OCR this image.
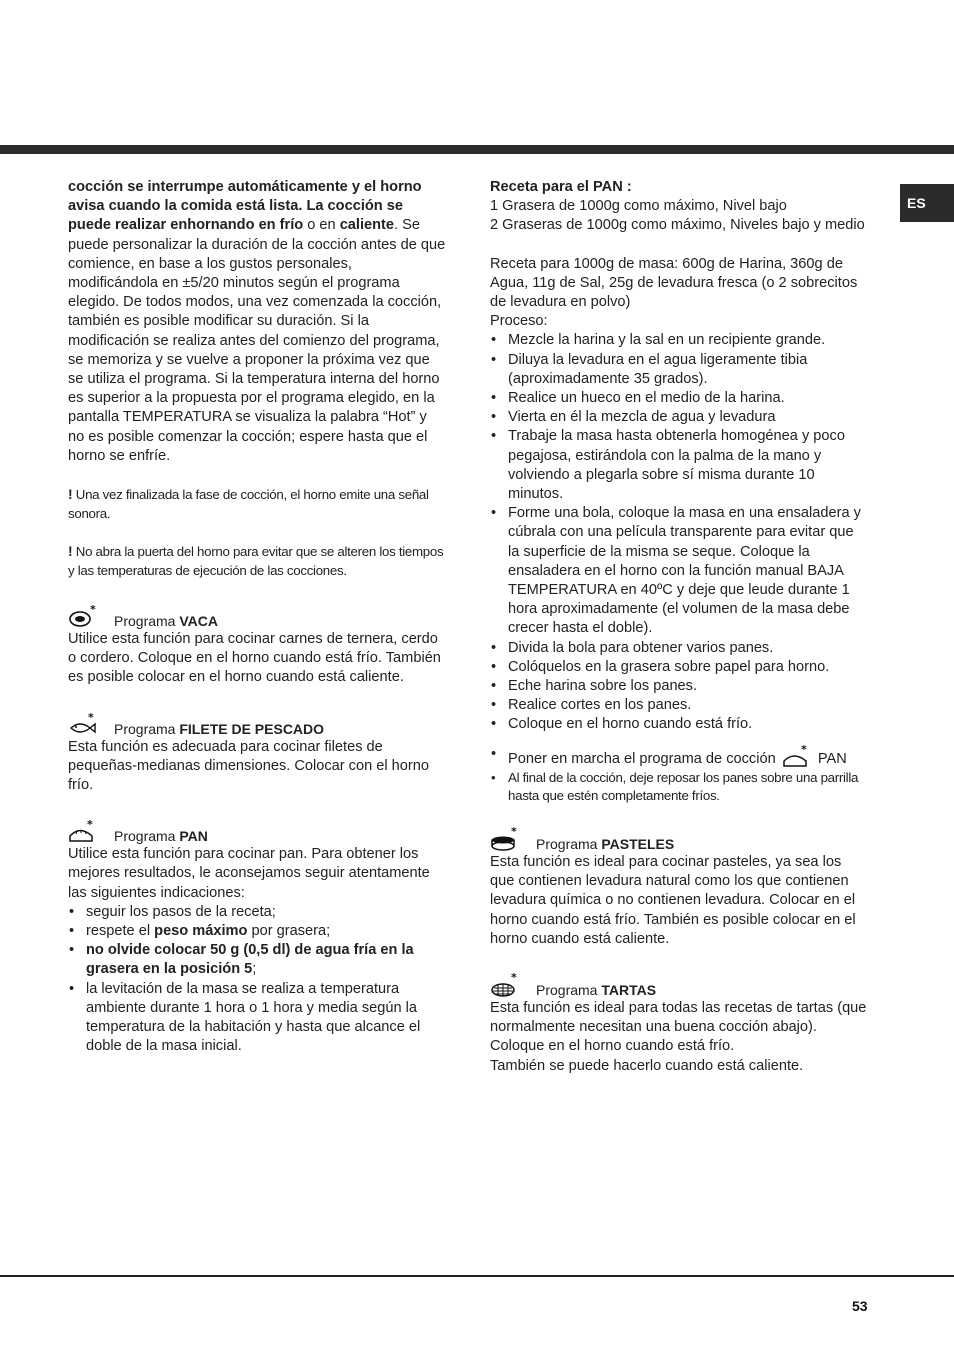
ES

cocción se interrumpe automáticamente y el horno avisa cuando la comida está lista. La cocción se puede realizar enhornando en frío o en caliente. Se puede personalizar la duración de la cocción antes de que comience, en base a los gustos personales, modificándola en ±5/20 minutos según el programa elegido. De todos modos, una vez comenzada la cocción, también es posible modificar su duración. Si la modificación se realiza antes del comienzo del programa, se memoriza y se vuelve a proponer la próxima vez que se utiliza el programa. Si la temperatura interna del horno es superior a la propuesta por el programa elegido, en la pantalla TEMPERATURA se visualiza la palabra “Hot” y no es posible comenzar la cocción; espere hasta que el horno se enfríe.

! Una vez finalizada la fase de cocción, el horno emite una señal sonora.

! No abra la puerta del horno para evitar que se alteren los tiempos y las temperaturas de ejecución de las cocciones.

*
Programa VACA

Utilice esta función para cocinar carnes de ternera, cerdo o cordero. Coloque en el horno cuando está frío. También es posible colocar en el horno cuando está caliente.

*
Programa FILETE DE PESCADO

Esta función es adecuada para cocinar filetes de pequeñas-medianas dimensiones. Colocar con el horno frío.

*
Programa PAN

Utilice esta función para cocinar pan. Para obtener los mejores resultados, le aconsejamos seguir atentamente las siguientes indicaciones:

• seguir los pasos de la receta;
• respete el peso máximo por grasera;
• no olvide colocar 50 g (0,5 dl) de agua fría en la grasera en la posición 5;
• la levitación de la masa se realiza a temperatura ambiente durante 1 hora o 1 hora y media según la temperatura de la habitación y hasta que alcance el doble de la masa inicial.

Receta para el PAN :

1 Grasera de 1000g como máximo, Nivel bajo

2 Graseras de 1000g como máximo, Niveles bajo y medio

Receta para 1000g de masa: 600g de Harina, 360g de Agua, 11g de Sal, 25g de levadura fresca (o 2 sobrecitos de levadura en polvo)

Proceso:

• Mezcle la harina y la sal en un recipiente grande.
• Diluya la levadura en el agua ligeramente tibia (aproximadamente 35 grados).
• Realice un hueco en el medio de la harina.
• Vierta en él la mezcla de agua y levadura
• Trabaje la masa hasta obtenerla homogénea y poco pegajosa, estirándola con la palma de la mano y volviendo a plegarla sobre sí misma durante 10 minutos.
• Forme una bola, coloque la masa en una ensaladera y cúbrala con una película transparente para evitar que la superficie de la misma se seque. Coloque la ensaladera en el horno con la función manual BAJA TEMPERATURA en 40ºC y deje que leude durante 1 hora aproximadamente (el volumen de la masa debe crecer hasta el doble).
• Divida la bola para obtener varios panes.
• Colóquelos en la grasera sobre papel para horno.
• Eche harina sobre los panes.
• Realice cortes en los panes.
• Coloque en el horno cuando está frío.
• Poner en marcha el programa de cocción
*
PAN
• Al final de la cocción, deje reposar los panes sobre una parrilla hasta que estén completamente fríos.
*
Programa PASTELES

Esta función es ideal para cocinar pasteles, ya sea los que contienen levadura natural como los que contienen levadura química o no contienen levadura. Colocar en el horno cuando está frío. También es posible colocar en el horno cuando está caliente.

*
Programa TARTAS

Esta función es ideal para todas las recetas de tartas (que normalmente necesitan una buena cocción abajo). Coloque en el horno cuando está frío.

También se puede hacerlo cuando está caliente.

53
